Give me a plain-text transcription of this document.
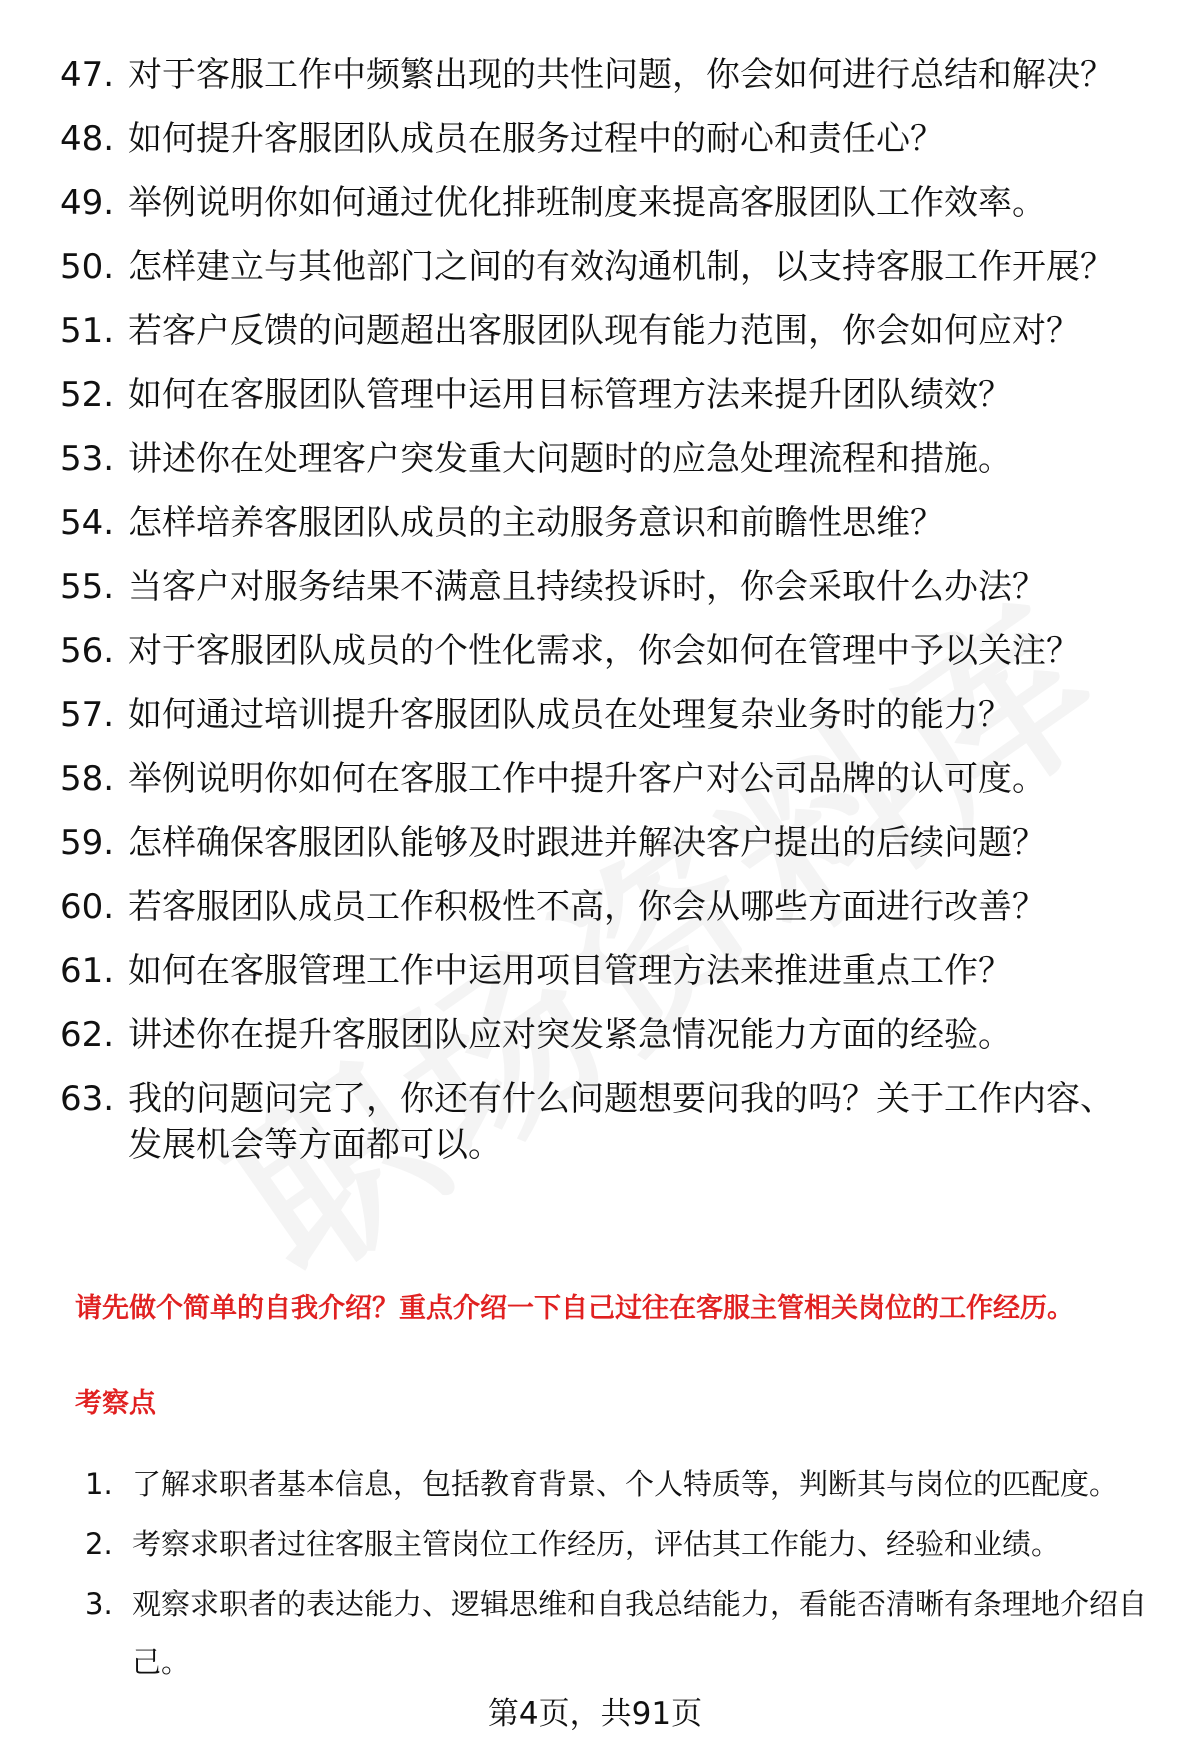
47. 对于客服工作中频繁出现的共性问题，你会如何进行总结和解决？
48. 如何提升客服团队成员在服务过程中的耐心和责任心？
49. 举例说明你如何通过优化排班制度来提高客服团队工作效率。
50. 怎样建立与其他部门之间的有效沟通机制，以支持客服工作开展？
51. 若客户反馈的问题超出客服团队现有能力范围，你会如何应对？
52. 如何在客服团队管理中运用目标管理方法来提升团队绩效？
53. 讲述你在处理客户突发重大问题时的应急处理流程和措施。
54. 怎样培养客服团队成员的主动服务意识和前瞻性思维？
55. 当客户对服务结果不满意且持续投诉时，你会采取什么办法？
56. 对于客服团队成员的个性化需求，你会如何在管理中予以关注？
57. 如何通过培训提升客服团队成员在处理复杂业务时的能力？
58. 举例说明你如何在客服工作中提升客户对公司品牌的认可度。
59. 怎样确保客服团队能够及时跟进并解决客户提出的后续问题？
60. 若客服团队成员工作积极性不高，你会从哪些方面进行改善？
61. 如何在客服管理工作中运用项目管理方法来推进重点工作？
62. 讲述你在提升客服团队应对突发紧急情况能力方面的经验。
63. 我的问题问完了，你还有什么问题想要问我的吗？关于工作内容、发展机会等方面都可以。
请先做个简单的自我介绍？重点介绍一下自己过往在客服主管相关岗位的工作经历。
考察点
1. 了解求职者基本信息，包括教育背景、个人特质等，判断其与岗位的匹配度。
2. 考察求职者过往客服主管岗位工作经历，评估其工作能力、经验和业绩。
3. 观察求职者的表达能力、逻辑思维和自我总结能力，看能否清晰有条理地介绍自己。
第4页，共91页
